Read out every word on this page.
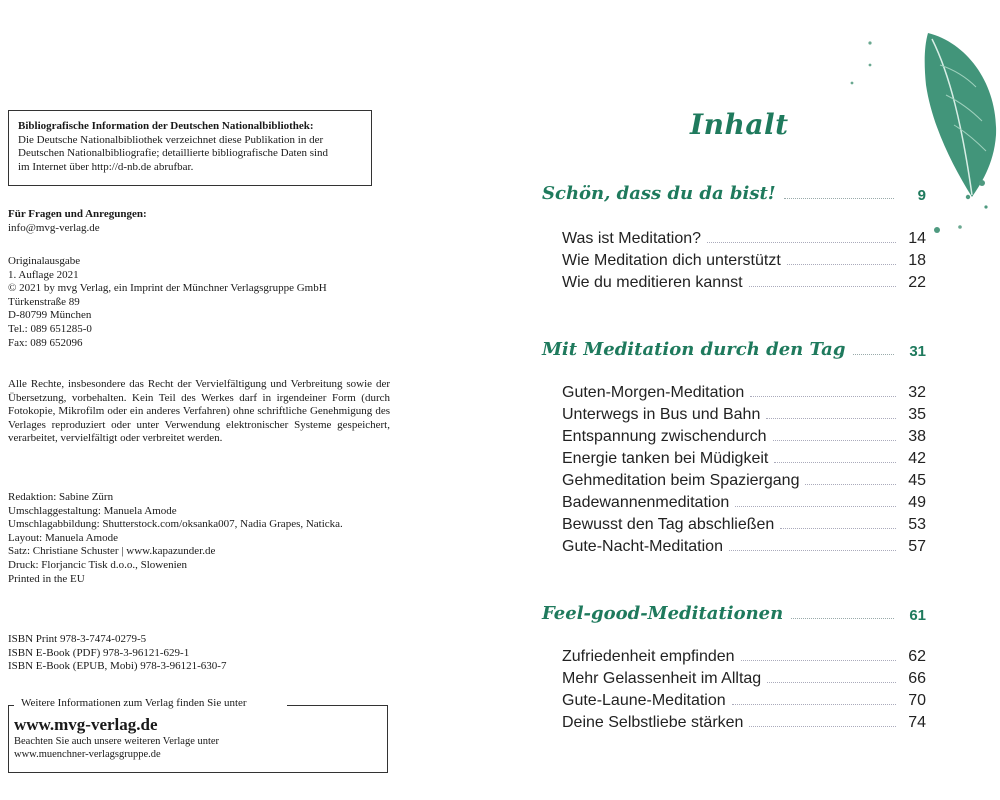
Bibliografische Information der Deutschen Nationalbibliothek:
Die Deutsche Nationalbibliothek verzeichnet diese Publikation in der
Deutschen Nationalbibliografie; detaillierte bibliografische Daten sind
im Internet über http://d-nb.de abrufbar.
Für Fragen und Anregungen:
info@mvg-verlag.de
Originalausgabe
1. Auflage 2021
© 2021 by mvg Verlag, ein Imprint der Münchner Verlagsgruppe GmbH
Türkenstraße 89
D-80799 München
Tel.: 089 651285-0
Fax: 089 652096
Alle Rechte, insbesondere das Recht der Vervielfältigung und Verbreitung sowie der Übersetzung, vorbehalten. Kein Teil des Werkes darf in irgendeiner Form (durch Fotokopie, Mikrofilm oder ein anderes Verfahren) ohne schriftliche Genehmigung des Verlages reproduziert oder unter Verwendung elektronischer Systeme gespeichert, verarbeitet, vervielfältigt oder verbreitet werden.
Redaktion: Sabine Zürn
Umschlaggestaltung: Manuela Amode
Umschlagabbildung: Shutterstock.com/oksanka007, Nadia Grapes, Naticka.
Layout: Manuela Amode
Satz: Christiane Schuster | www.kapazunder.de
Druck: Florjancic Tisk d.o.o., Slowenien
Printed in the EU
ISBN Print 978-3-7474-0279-5
ISBN E-Book (PDF) 978-3-96121-629-1
ISBN E-Book (EPUB, Mobi) 978-3-96121-630-7
Weitere Informationen zum Verlag finden Sie unter
www.mvg-verlag.de
Beachten Sie auch unsere weiteren Verlage unter
www.muenchner-verlagsgruppe.de
Inhalt
Schön, dass du da bist!	9
Was ist Meditation?	14
Wie Meditation dich unterstützt	18
Wie du meditieren kannst	22
Mit Meditation durch den Tag	31
Guten-Morgen-Meditation	32
Unterwegs in Bus und Bahn	35
Entspannung zwischendurch	38
Energie tanken bei Müdigkeit	42
Gehmeditation beim Spaziergang	45
Badewannenmeditation	49
Bewusst den Tag abschließen	53
Gute-Nacht-Meditation	57
Feel-good-Meditationen	61
Zufriedenheit empfinden	62
Mehr Gelassenheit im Alltag	66
Gute-Laune-Meditation	70
Deine Selbstliebe stärken	74
